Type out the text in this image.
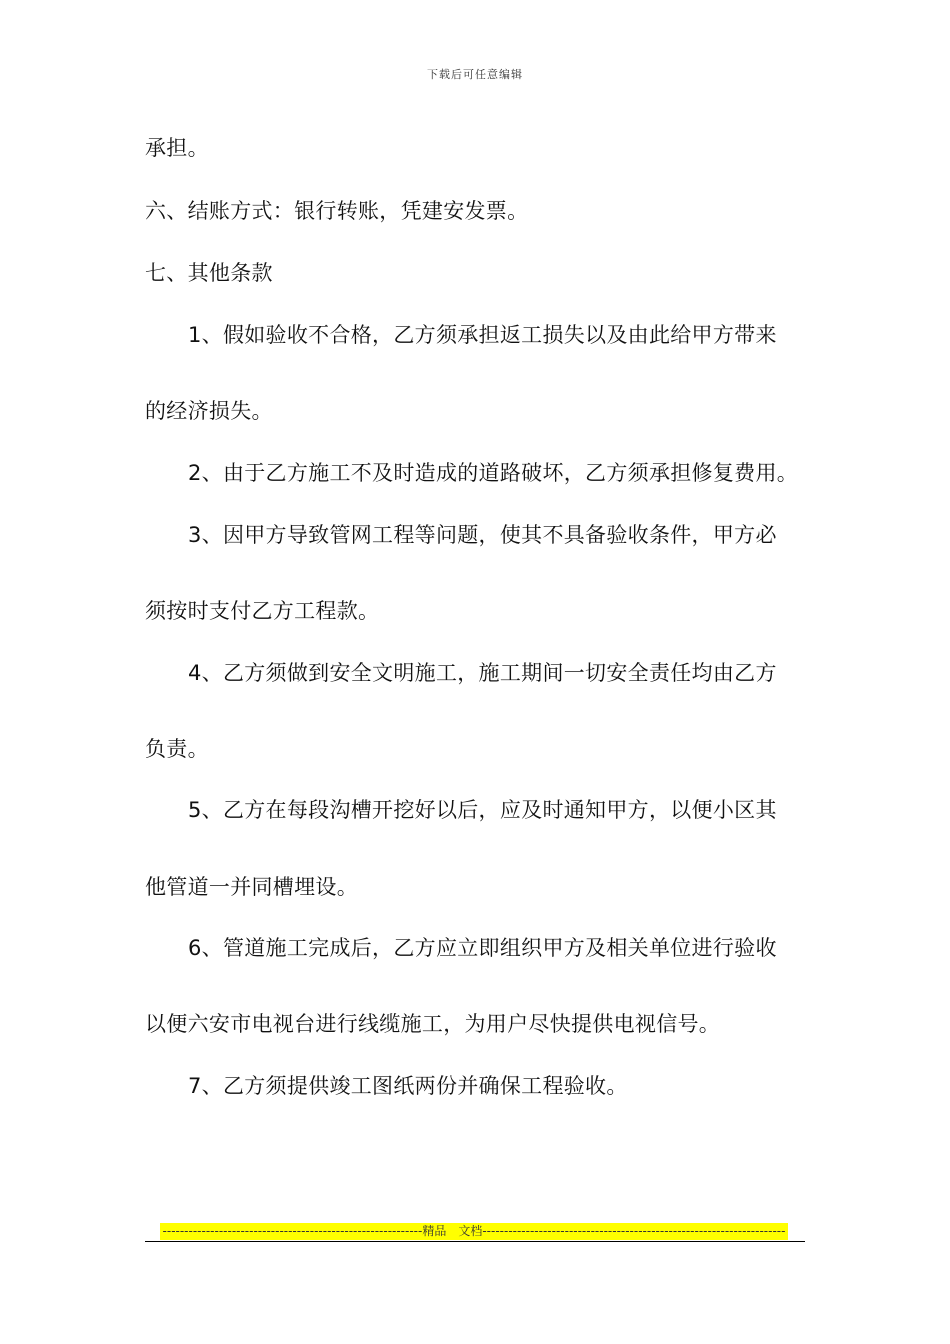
下载后可任意编辑
承担。
六、结账方式：银行转账，凭建安发票。
七、其他条款
1、假如验收不合格，乙方须承担返工损失以及由此给甲方带来
的经济损失。
2、由于乙方施工不及时造成的道路破坏，乙方须承担修复费用。
3、因甲方导致管网工程等问题，使其不具备验收条件，甲方必
须按时支付乙方工程款。
4、乙方须做到安全文明施工，施工期间一切安全责任均由乙方
负责。
5、乙方在每段沟槽开挖好以后，应及时通知甲方，以便小区其
他管道一并同槽埋设。
6、管道施工完成后，乙方应立即组织甲方及相关单位进行验收
以便六安市电视台进行线缆施工，为用户尽快提供电视信号。
7、乙方须提供竣工图纸两份并确保工程验收。
------------------------------------------------------------精品　文档----------------------------------------------------------------------
